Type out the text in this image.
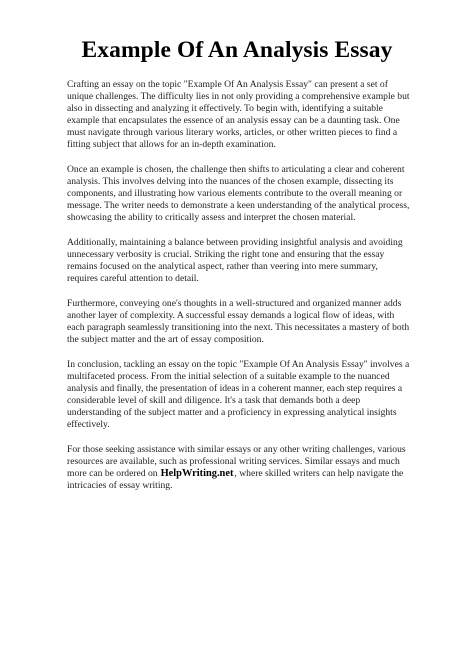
Example Of An Analysis Essay

Crafting an essay on the topic "Example Of An Analysis Essay" can present a set of unique challenges. The difficulty lies in not only providing a comprehensive example but also in dissecting and analyzing it effectively. To begin with, identifying a suitable example that encapsulates the essence of an analysis essay can be a daunting task. One must navigate through various literary works, articles, or other written pieces to find a fitting subject that allows for an in-depth examination.

Once an example is chosen, the challenge then shifts to articulating a clear and coherent analysis. This involves delving into the nuances of the chosen example, dissecting its components, and illustrating how various elements contribute to the overall meaning or message. The writer needs to demonstrate a keen understanding of the analytical process, showcasing the ability to critically assess and interpret the chosen material.

Additionally, maintaining a balance between providing insightful analysis and avoiding unnecessary verbosity is crucial. Striking the right tone and ensuring that the essay remains focused on the analytical aspect, rather than veering into mere summary, requires careful attention to detail.

Furthermore, conveying one's thoughts in a well-structured and organized manner adds another layer of complexity. A successful essay demands a logical flow of ideas, with each paragraph seamlessly transitioning into the next. This necessitates a mastery of both the subject matter and the art of essay composition.

In conclusion, tackling an essay on the topic "Example Of An Analysis Essay" involves a multifaceted process. From the initial selection of a suitable example to the nuanced analysis and finally, the presentation of ideas in a coherent manner, each step requires a considerable level of skill and diligence. It's a task that demands both a deep understanding of the subject matter and a proficiency in expressing analytical insights effectively.

For those seeking assistance with similar essays or any other writing challenges, various resources are available, such as professional writing services. Similar essays and much more can be ordered on HelpWriting.net, where skilled writers can help navigate the intricacies of essay writing.
